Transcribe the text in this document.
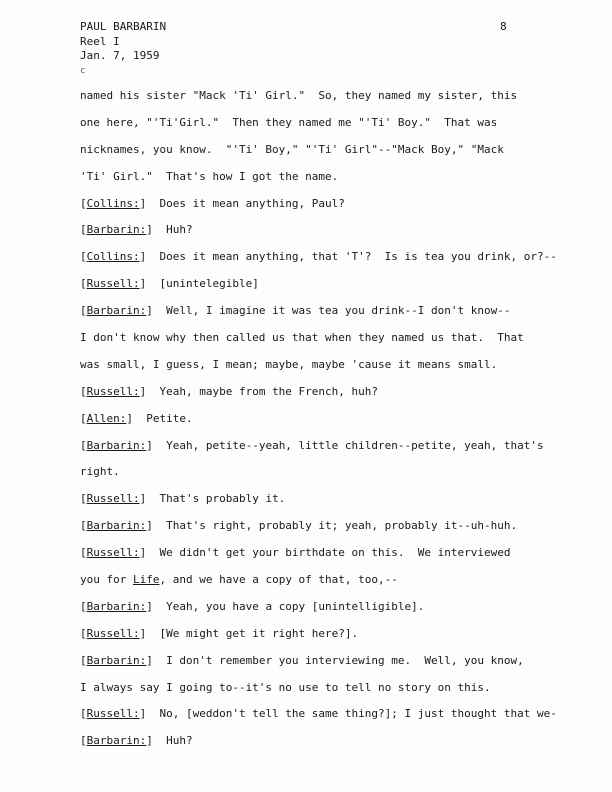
PAUL BARBARIN
Reel I
Jan. 7, 1959
c
8
named his sister "Mack 'Ti' Girl."  So, they named my sister, this
one here, "'Ti'Girl."  Then they named me "'Ti' Boy."  That was
nicknames, you know.  "'Ti' Boy," "'Ti' Girl"--"Mack Boy," "Mack
'Ti' Girl."  That's how I got the name.
[Collins:]  Does it mean anything, Paul?
[Barbarin:]  Huh?
[Collins:]  Does it mean anything, that 'T'?  Is is tea you drink, or?--
[Russell:]  [unintelegible]
[Barbarin:]  Well, I imagine it was tea you drink--I don't know--
I don't know why then called us that when they named us that.  That
was small, I guess, I mean; maybe, maybe 'cause it means small.
[Russell:]  Yeah, maybe from the French, huh?
[Allen:]  Petite.
[Barbarin:]  Yeah, petite--yeah, little children--petite, yeah, that's
right.
[Russell:]  That's probably it.
[Barbarin:]  That's right, probably it; yeah, probably it--uh-huh.
[Russell:]  We didn't get your birthdate on this.  We interviewed
you for Life, and we have a copy of that, too,--
[Barbarin:]  Yeah, you have a copy [unintelligible].
[Russell:]  [We might get it right here?].
[Barbarin:]  I don't remember you interviewing me.  Well, you know,
I always say I going to--it's no use to tell no story on this.
[Russell:]  No, [weddon't tell the same thing?]; I just thought that we-
[Barbarin:]  Huh?
